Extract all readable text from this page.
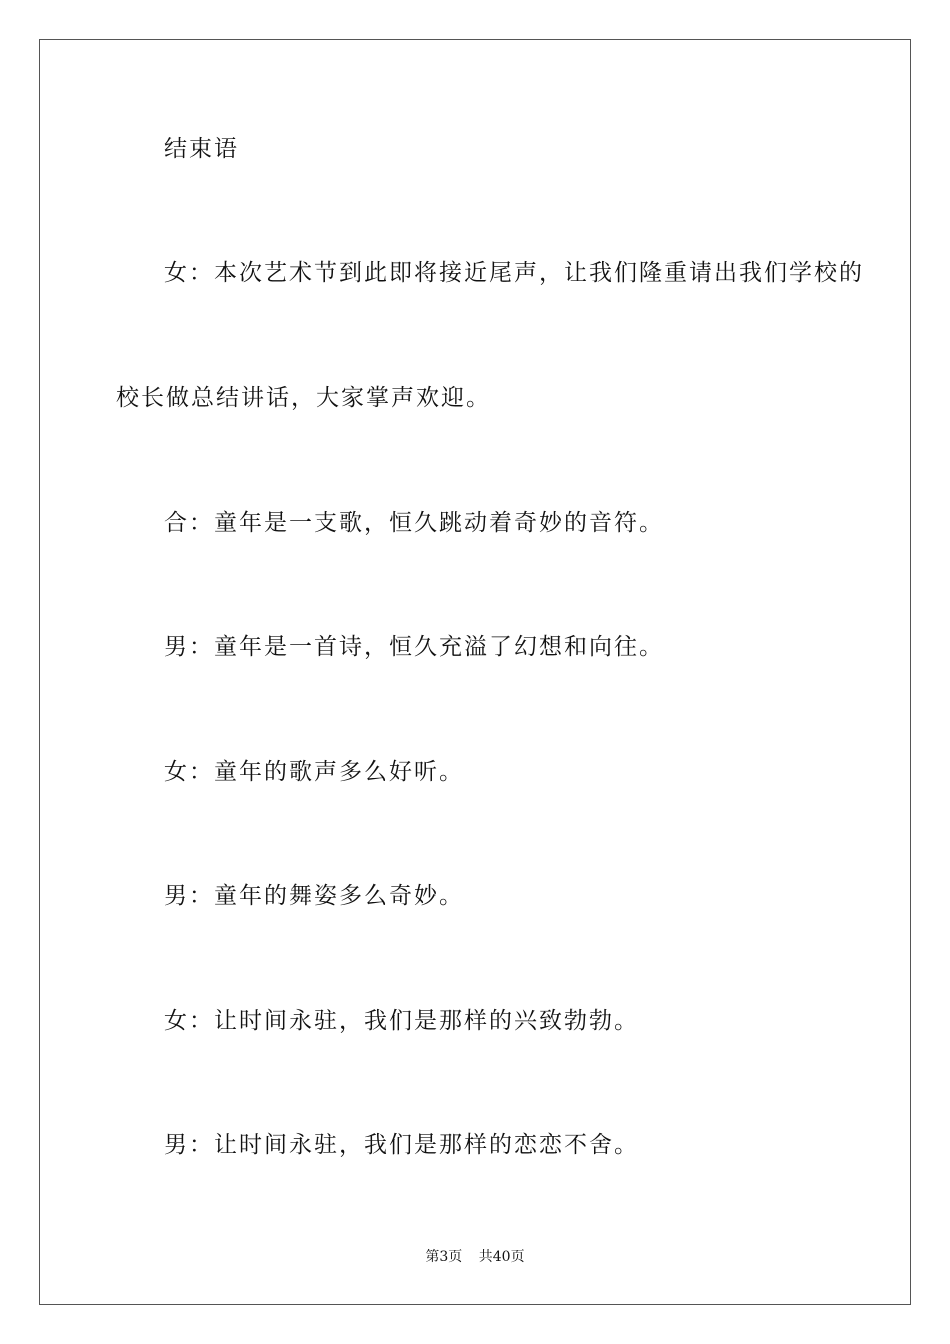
结束语
女：本次艺术节到此即将接近尾声，让我们隆重请出我们学校的
校长做总结讲话，大家掌声欢迎。
合：童年是一支歌，恒久跳动着奇妙的音符。
男：童年是一首诗，恒久充溢了幻想和向往。
女：童年的歌声多么好听。
男：童年的舞姿多么奇妙。
女：让时间永驻，我们是那样的兴致勃勃。
男：让时间永驻，我们是那样的恋恋不舍。
第3页 共40页
